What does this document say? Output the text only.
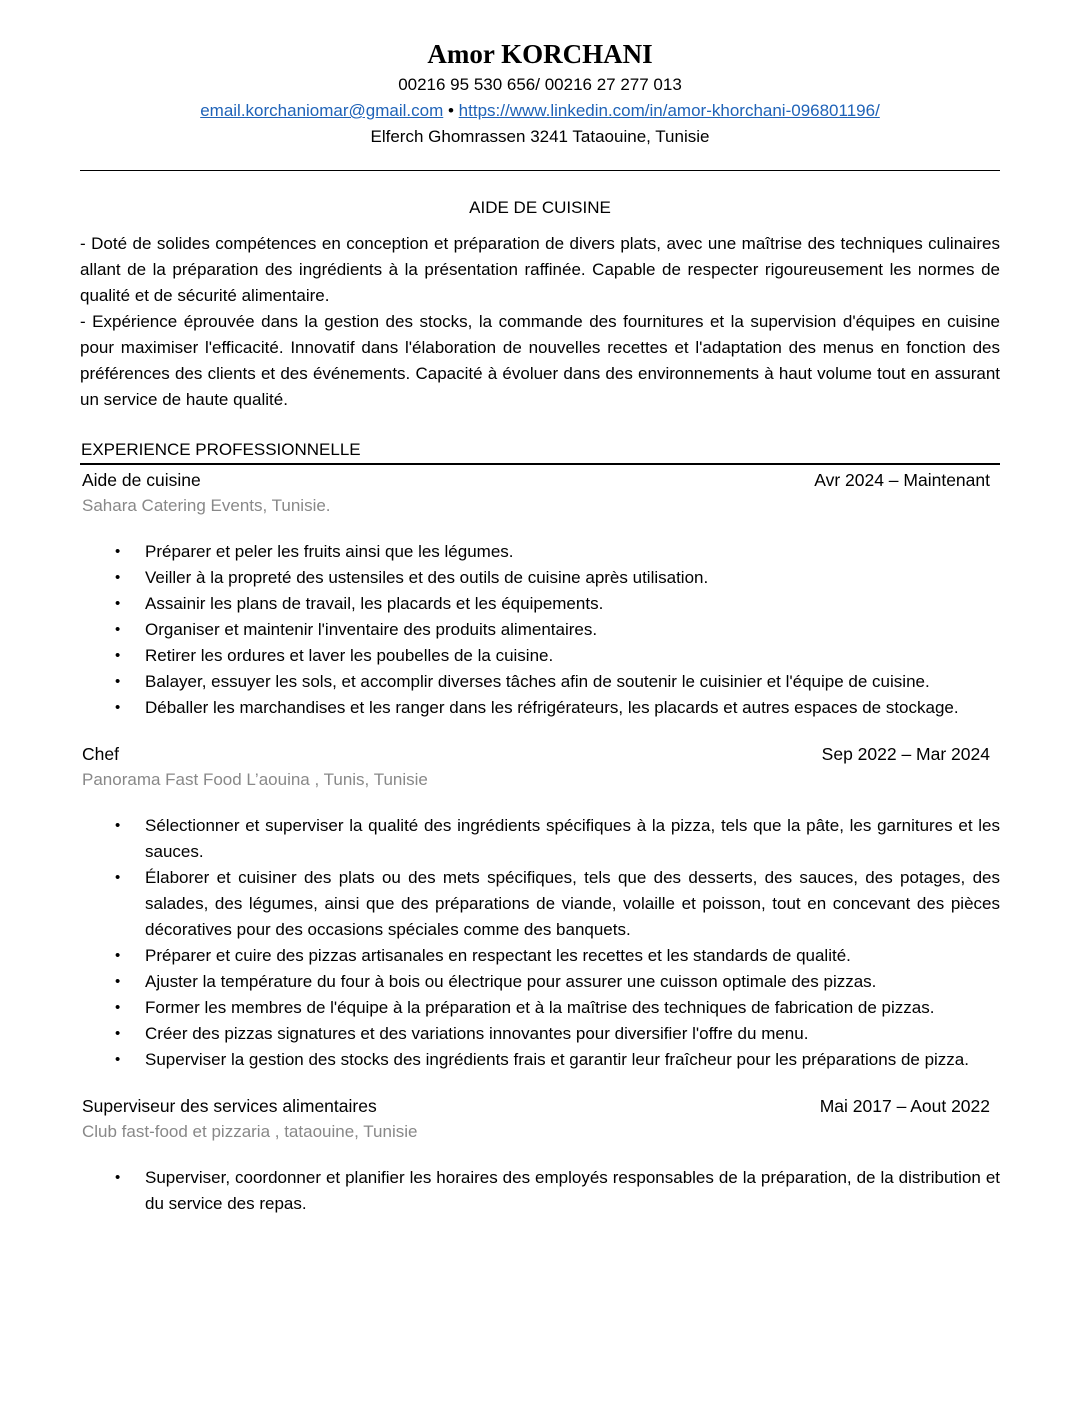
Amor KORCHANI
00216 95 530 656/ 00216 27 277 013
email.korchaniomar@gmail.com • https://www.linkedin.com/in/amor-khorchani-096801196/
Elferch Ghomrassen 3241 Tataouine, Tunisie
AIDE DE CUISINE

- Doté de solides compétences en conception et préparation de divers plats, avec une maîtrise des techniques culinaires allant de la préparation des ingrédients à la présentation raffinée. Capable de respecter rigoureusement les normes de qualité et de sécurité alimentaire.

- Expérience éprouvée dans la gestion des stocks, la commande des fournitures et la supervision d'équipes en cuisine pour maximiser l'efficacité. Innovatif dans l'élaboration de nouvelles recettes et l'adaptation des menus en fonction des préférences des clients et des événements. Capacité à évoluer dans des environnements à haut volume tout en assurant un service de haute qualité.

EXPERIENCE PROFESSIONNELLE
Aide de cuisine	Avr 2024 – Maintenant
Sahara Catering Events, Tunisie.
• Préparer et peler les fruits ainsi que les légumes.
• Veiller à la propreté des ustensiles et des outils de cuisine après utilisation.
• Assainir les plans de travail, les placards et les équipements.
• Organiser et maintenir l'inventaire des produits alimentaires.
• Retirer les ordures et laver les poubelles de la cuisine.
• Balayer, essuyer les sols, et accomplir diverses tâches afin de soutenir le cuisinier et l'équipe de cuisine.
• Déballer les marchandises et les ranger dans les réfrigérateurs, les placards et autres espaces de stockage.
Chef	Sep 2022 – Mar 2024
Panorama Fast Food L’aouina , Tunis, Tunisie
• Sélectionner et superviser la qualité des ingrédients spécifiques à la pizza, tels que la pâte, les garnitures et les sauces.
• Élaborer et cuisiner des plats ou des mets spécifiques, tels que des desserts, des sauces, des potages, des salades, des légumes, ainsi que des préparations de viande, volaille et poisson, tout en concevant des pièces décoratives pour des occasions spéciales comme des banquets.
• Préparer et cuire des pizzas artisanales en respectant les recettes et les standards de qualité.
• Ajuster la température du four à bois ou électrique pour assurer une cuisson optimale des pizzas.
• Former les membres de l'équipe à la préparation et à la maîtrise des techniques de fabrication de pizzas.
• Créer des pizzas signatures et des variations innovantes pour diversifier l'offre du menu.
• Superviser la gestion des stocks des ingrédients frais et garantir leur fraîcheur pour les préparations de pizza.
Superviseur des services alimentaires	Mai 2017 – Aout 2022
Club fast-food et pizzaria , tataouine, Tunisie
• Superviser, coordonner et planifier les horaires des employés responsables de la préparation, de la distribution et du service des repas.
